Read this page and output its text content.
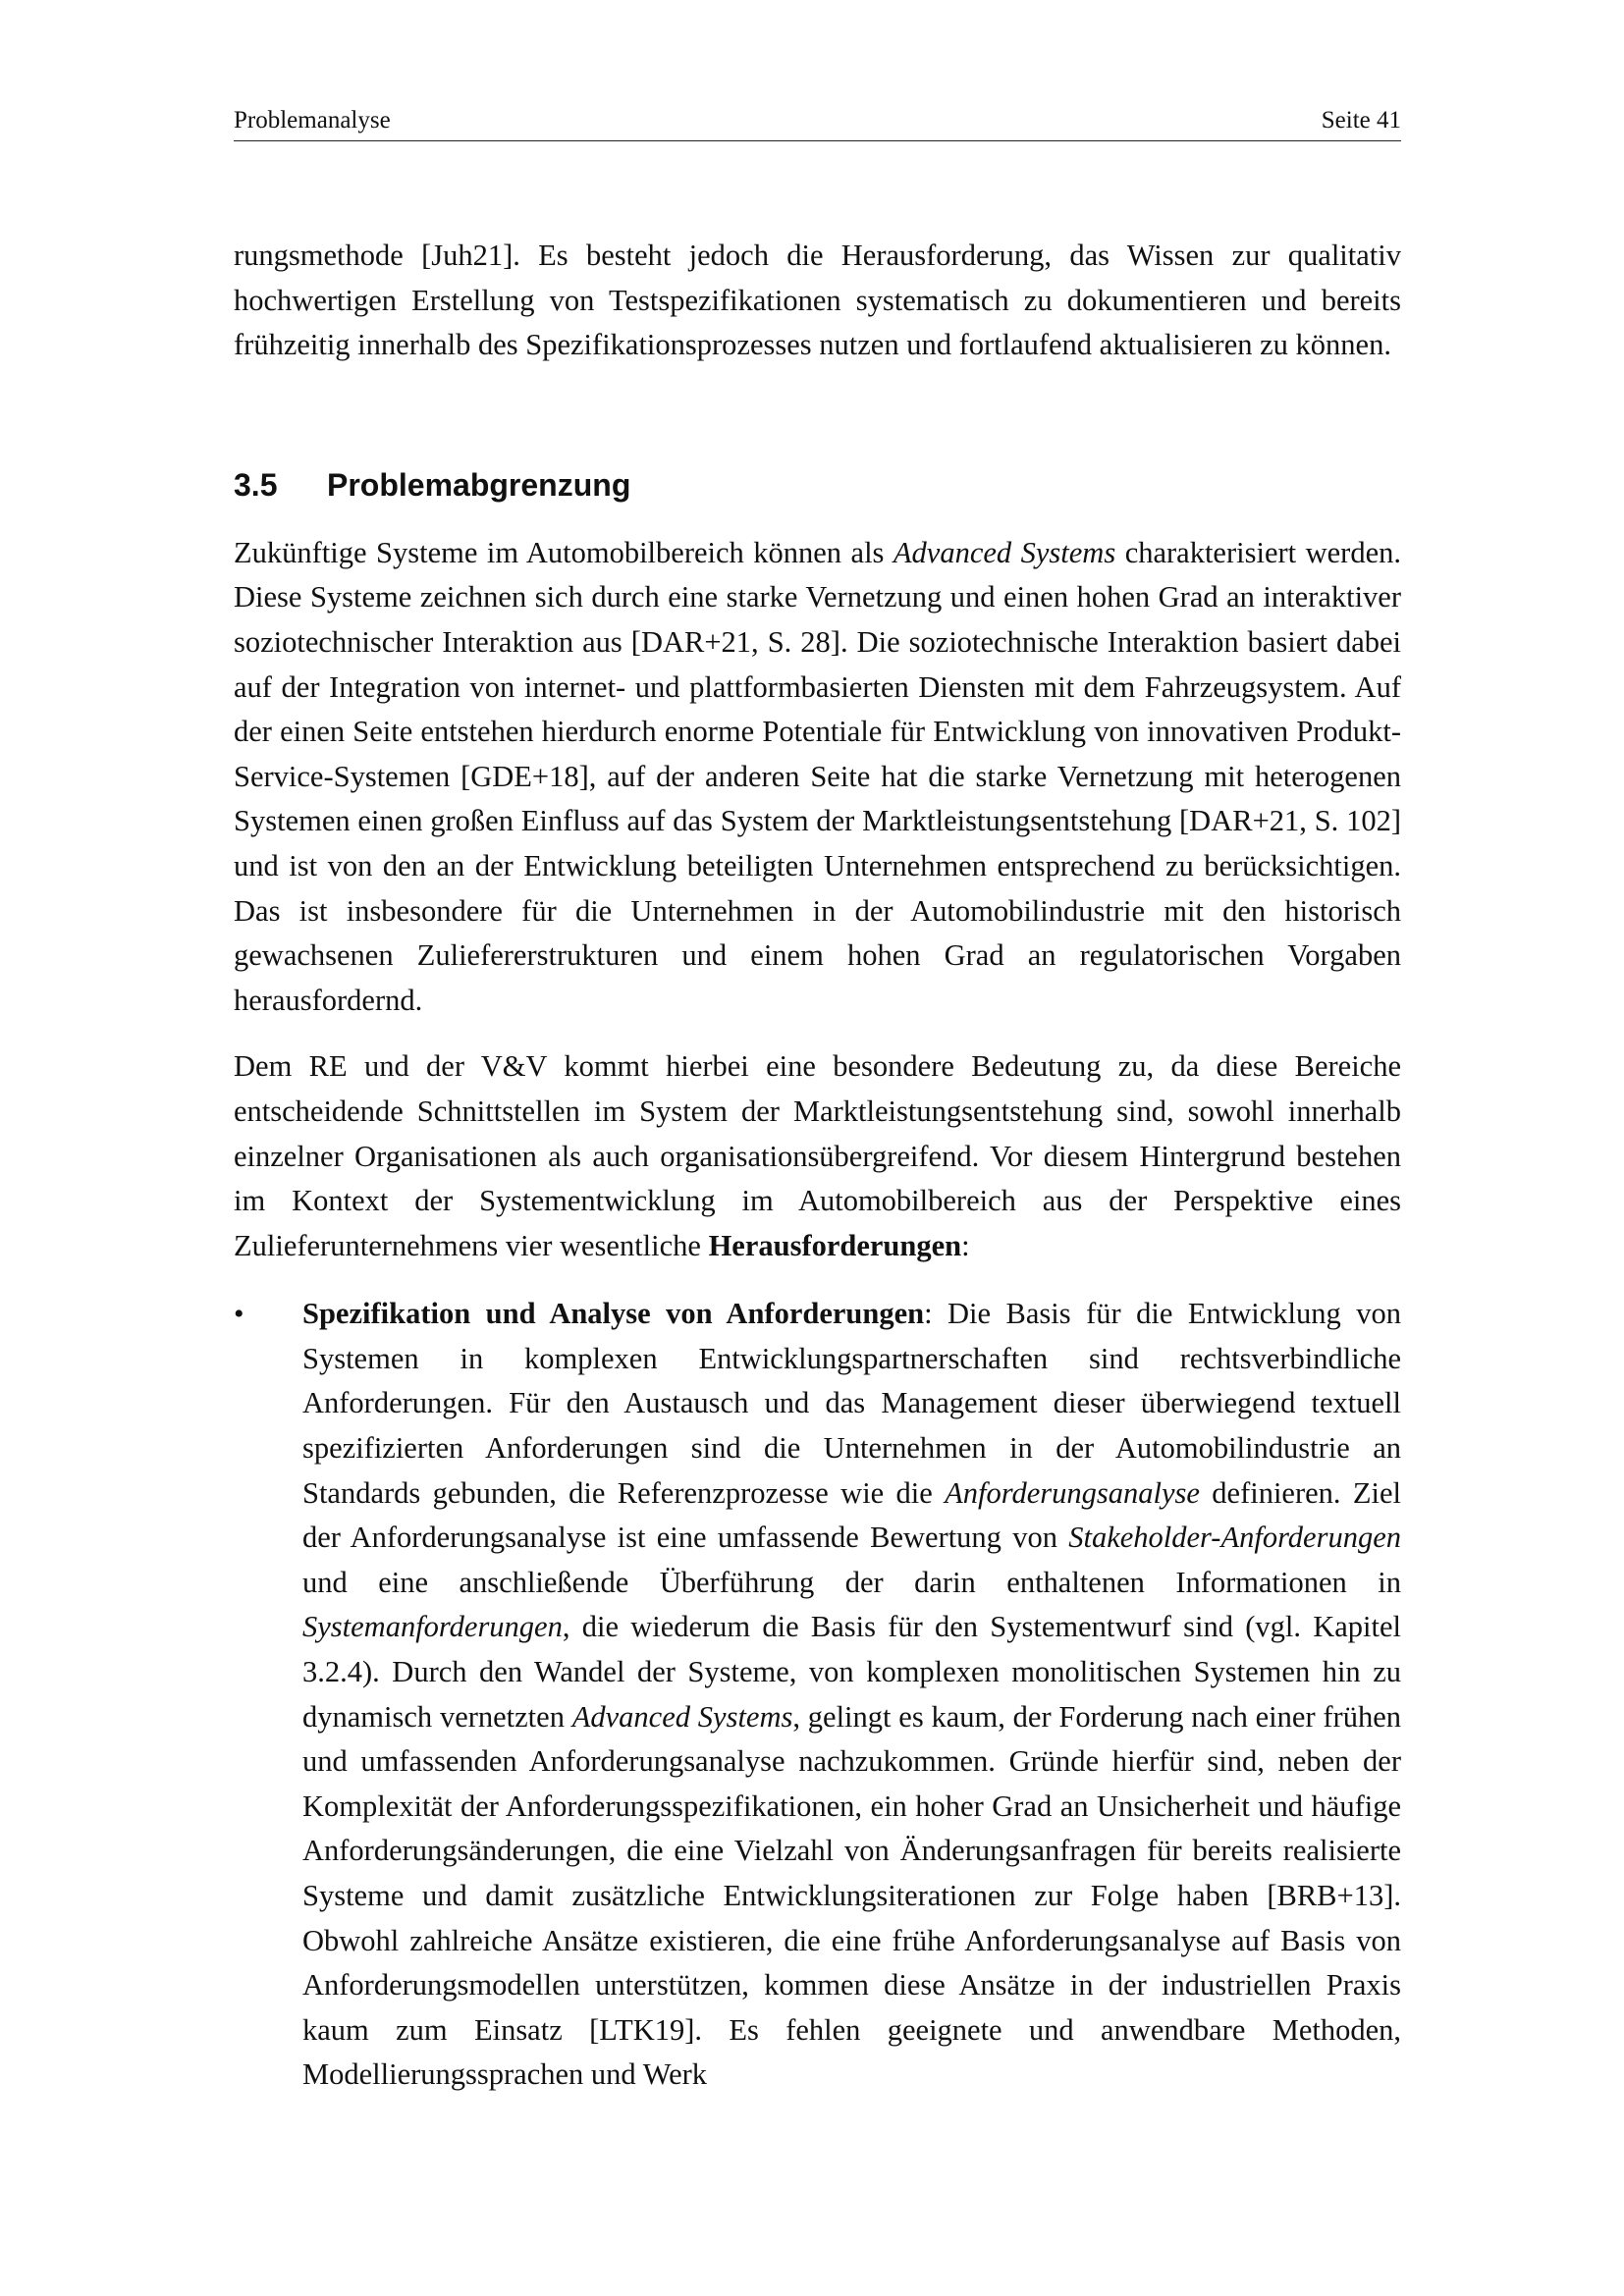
Problemanalyse	Seite 41

rungsmethode [Juh21]. Es besteht jedoch die Herausforderung, das Wissen zur qualitativ hochwertigen Erstellung von Testspezifikationen systematisch zu dokumentieren und bereits frühzeitig innerhalb des Spezifikationsprozesses nutzen und fortlaufend aktualisieren zu können.

3.5	Problemabgrenzung

Zukünftige Systeme im Automobilbereich können als Advanced Systems charakterisiert werden. Diese Systeme zeichnen sich durch eine starke Vernetzung und einen hohen Grad an interaktiver soziotechnischer Interaktion aus [DAR+21, S. 28]. Die soziotechnische Interaktion basiert dabei auf der Integration von internet- und plattformbasierten Diensten mit dem Fahrzeugsystem. Auf der einen Seite entstehen hierdurch enorme Potentiale für Entwicklung von innovativen Produkt-Service-Systemen [GDE+18], auf der anderen Seite hat die starke Vernetzung mit heterogenen Systemen einen großen Einfluss auf das System der Marktleistungsentstehung [DAR+21, S. 102] und ist von den an der Entwicklung beteiligten Unternehmen entsprechend zu berücksichtigen. Das ist insbesondere für die Unternehmen in der Automobilindustrie mit den historisch gewachsenen Zuliefererstrukturen und einem hohen Grad an regulatorischen Vorgaben herausfordernd.

Dem RE und der V&V kommt hierbei eine besondere Bedeutung zu, da diese Bereiche entscheidende Schnittstellen im System der Marktleistungsentstehung sind, sowohl innerhalb einzelner Organisationen als auch organisationsübergreifend. Vor diesem Hintergrund bestehen im Kontext der Systementwicklung im Automobilbereich aus der Perspektive eines Zulieferunternehmens vier wesentliche Herausforderungen:

•	Spezifikation und Analyse von Anforderungen: Die Basis für die Entwicklung von Systemen in komplexen Entwicklungspartnerschaften sind rechtsverbindliche Anforderungen. Für den Austausch und das Management dieser überwiegend textuell spezifizierten Anforderungen sind die Unternehmen in der Automobilindustrie an Standards gebunden, die Referenzprozesse wie die Anforderungsanalyse definieren. Ziel der Anforderungsanalyse ist eine umfassende Bewertung von Stakeholder-Anforderungen und eine anschließende Überführung der darin enthaltenen Informationen in Systemanforderungen, die wiederum die Basis für den Systementwurf sind (vgl. Kapitel 3.2.4). Durch den Wandel der Systeme, von komplexen monolitischen Systemen hin zu dynamisch vernetzten Advanced Systems, gelingt es kaum, der Forderung nach einer frühen und umfassenden Anforderungsanalyse nachzukommen. Gründe hierfür sind, neben der Komplexität der Anforderungsspezifikationen, ein hoher Grad an Unsicherheit und häufige Anforderungsänderungen, die eine Vielzahl von Änderungsanfragen für bereits realisierte Systeme und damit zusätzliche Entwicklungsiterationen zur Folge haben [BRB+13]. Obwohl zahlreiche Ansätze existieren, die eine frühe Anforderungsanalyse auf Basis von Anforderungsmodellen unterstützen, kommen diese Ansätze in der industriellen Praxis kaum zum Einsatz [LTK19]. Es fehlen geeignete und anwendbare Methoden, Modellierungssprachen und Werk
